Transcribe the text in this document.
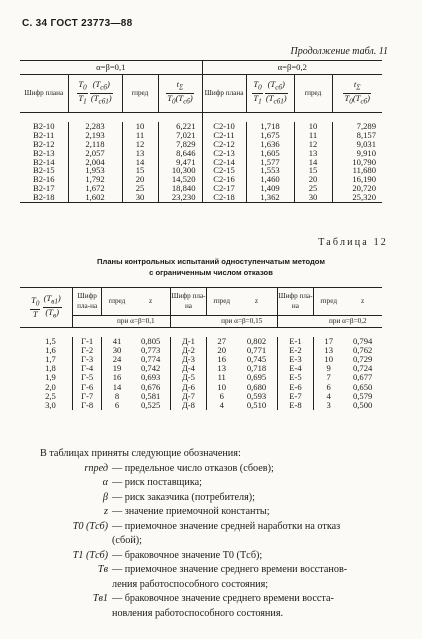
С. 34 ГОСТ 23773—88
Продолжение табл. 11
α=β=0,1				α=β=0,2			
Шифр плана	$\frac{T_0}{T_1}$
$\frac{(T_{сб})}{(T_{сб1})}$	rпред	$\frac{t_\Sigma}{T_0(T_{сб})}$	Шифр плана	$\frac{T_0}{T_1}$
$\frac{(T_{сб})}{(T_{сб1})}$	rпред	$\frac{t_\Sigma}{T_0(T_{сб})}$

В2-10	2,283	10	6,221	С2-10	1,718	10	7,289
В2-11	2,193	11	7,021	С2-11	1,675	11	8,157
В2-12	2,118	12	7,829	С2-12	1,636	12	9,031
В2-13	2,057	13	8,646	С2-13	1,605	13	9,910
В2-14	2,004	14	9,471	С2-14	1,577	14	10,790
В2-15	1,953	15	10,300	С2-15	1,553	15	11,680
В2-16	1,792	20	14,520	С2-16	1,460	20	16,190
В2-17	1,672	25	18,840	С2-17	1,409	25	20,720
В2-18	1,602	30	23,230	С2-18	1,362	30	25,320

Таблица 12
Планы контрольных испытаний одноступенчатым методом
с ограниченным числом отказов
$\frac{T_0}{T}$
$\frac{(T_{в1})}{(T_в)}$	Шифр пла-на	rпред	z	Шифр пла-на	rпред	z	Шифр пла-на	rпред	z
		при α=β=0,1			при α=β=0,15			при α=β=0,2	

1,5	Г-1	41	0,805	Д-1	27	0,802	Е-1	17	0,794
1,6	Г-2	30	0,773	Д-2	20	0,771	Е-2	13	0,762
1,7	Г-3	24	0,774	Д-3	16	0,745	Е-3	10	0,729
1,8	Г-4	19	0,742	Д-4	13	0,718	Е-4	9	0,724
1,9	Г-5	16	0,693	Д-5	11	0,695	Е-5	7	0,677
2,0	Г-6	14	0,676	Д-6	10	0,680	Е-6	6	0,650
2,5	Г-7	8	0,581	Д-7	6	0,593	Е-7	4	0,579
3,0	Г-8	6	0,525	Д-8	4	0,510	Е-8	3	0,500

В таблицах приняты следующие обозначения:
rпред — предельное число отказов (сбоев);
α — риск поставщика;
β — риск заказчика (потребителя);
z — значение приемочной константы;
T0 (Tсб) — приемочное значение средней наработки на отказ
(сбой);
T1 (Tсб) — браковочное значение T0 (Tсб);
Tв — приемочное значение среднего времени восстанов-
ления работоспособного состояния;
Tв1 — браковочное значение среднего времени восста-
новления работоспособного состояния.
